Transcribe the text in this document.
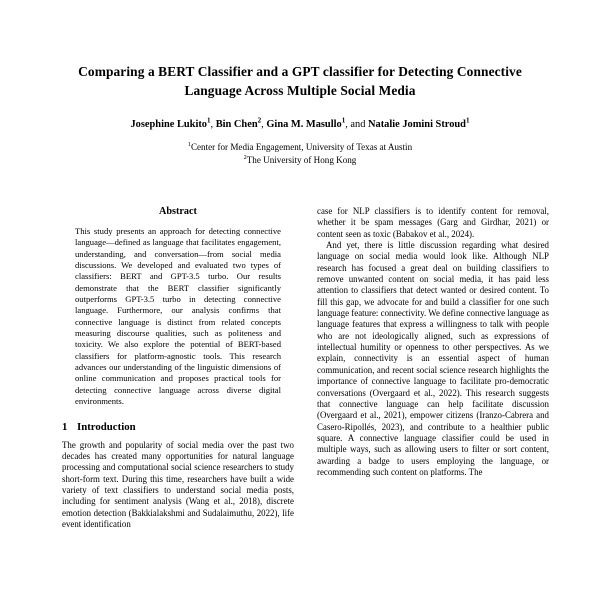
Comparing a BERT Classifier and a GPT classifier for Detecting Connective Language Across Multiple Social Media
Josephine Lukito$^1$, Bin Chen$^2$, Gina M. Masullo$^1$, and Natalie Jomini Stroud$^1$
$^1$Center for Media Engagement, University of Texas at Austin
$^2$The University of Hong Kong
Abstract

This study presents an approach for detecting connective language—defined as language that facilitates engagement, understanding, and conversation—from social media discussions. We developed and evaluated two types of classifiers: BERT and GPT-3.5 turbo. Our results demonstrate that the BERT classifier significantly outperforms GPT-3.5 turbo in detecting connective language. Furthermore, our analysis confirms that connective language is distinct from related concepts measuring discourse qualities, such as politeness and toxicity. We also explore the potential of BERT-based classifiers for platform-agnostic tools. This research advances our understanding of the linguistic dimensions of online communication and proposes practical tools for detecting connective language across diverse digital environments.

1 Introduction

The growth and popularity of social media over the past two decades has created many opportunities for natural language processing and computational social science researchers to study short-form text. During this time, researchers have built a wide variety of text classifiers to understand social media posts, including for sentiment analysis (Wang et al., 2018), discrete emotion detection (Bakkialakshmi and Sudalaimuthu, 2022), life event identification

case for NLP classifiers is to identify content for removal, whether it be spam messages (Garg and Girdhar, 2021) or content seen as toxic (Babakov et al., 2024).

And yet, there is little discussion regarding what desired language on social media would look like. Although NLP research has focused a great deal on building classifiers to remove unwanted content on social media, it has paid less attention to classifiers that detect wanted or desired content. To fill this gap, we advocate for and build a classifier for one such language feature: connectivity. We define connective language as language features that express a willingness to talk with people who are not ideologically aligned, such as expressions of intellectual humility or openness to other perspectives. As we explain, connectivity is an essential aspect of human communication, and recent social science research highlights the importance of connective language to facilitate pro-democratic conversations (Overgaard et al., 2022). This research suggests that connective language can help facilitate discussion (Overgaard et al., 2021), empower citizens (Iranzo-Cabrera and Casero-Ripollés, 2023), and contribute to a healthier public square. A connective language classifier could be used in multiple ways, such as allowing users to filter or sort content, awarding a badge to users employing the language, or recommending such content on platforms. The
